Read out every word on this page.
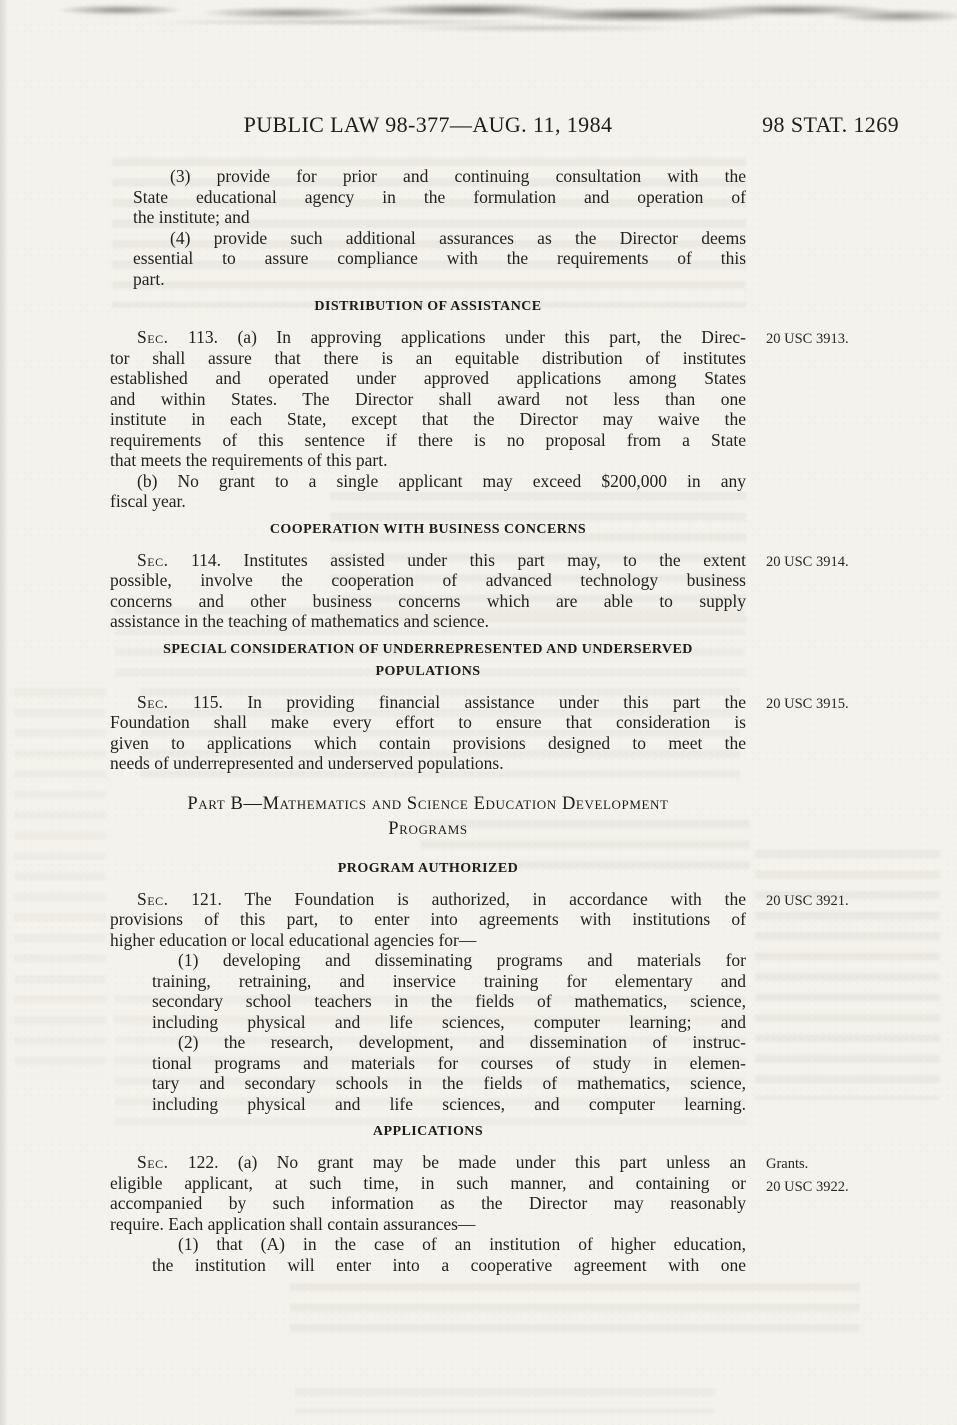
PUBLIC LAW 98-377—AUG. 11, 1984	98 STAT. 1269
(3) provide for prior and continuing consultation with the
State educational agency in the formulation and operation of
the institute; and
(4) provide such additional assurances as the Director deems
essential to assure compliance with the requirements of this
part.
DISTRIBUTION OF ASSISTANCE
Sec. 113. (a) In approving applications under this part, the Direc-
tor shall assure that there is an equitable distribution of institutes
established and operated under approved applications among States
and within States. The Director shall award not less than one
institute in each State, except that the Director may waive the
requirements of this sentence if there is no proposal from a State
that meets the requirements of this part.
20 USC 3913.
(b) No grant to a single applicant may exceed $200,000 in any
fiscal year.
COOPERATION WITH BUSINESS CONCERNS
Sec. 114. Institutes assisted under this part may, to the extent
possible, involve the cooperation of advanced technology business
concerns and other business concerns which are able to supply
assistance in the teaching of mathematics and science.
20 USC 3914.
SPECIAL CONSIDERATION OF UNDERREPRESENTED AND UNDERSERVED
POPULATIONS
Sec. 115. In providing financial assistance under this part the
Foundation shall make every effort to ensure that consideration is
given to applications which contain provisions designed to meet the
needs of underrepresented and underserved populations.
20 USC 3915.
Part B—Mathematics and Science Education Development
Programs
PROGRAM AUTHORIZED
Sec. 121. The Foundation is authorized, in accordance with the
provisions of this part, to enter into agreements with institutions of
higher education or local educational agencies for—
20 USC 3921.
(1) developing and disseminating programs and materials for
training, retraining, and inservice training for elementary and
secondary school teachers in the fields of mathematics, science,
including physical and life sciences, computer learning; and
(2) the research, development, and dissemination of instruc-
tional programs and materials for courses of study in elemen-
tary and secondary schools in the fields of mathematics, science,
including physical and life sciences, and computer learning.
APPLICATIONS
Sec. 122. (a) No grant may be made under this part unless an
eligible applicant, at such time, in such manner, and containing or
accompanied by such information as the Director may reasonably
require. Each application shall contain assurances—
Grants.
20 USC 3922.
(1) that (A) in the case of an institution of higher education,
the institution will enter into a cooperative agreement with one
